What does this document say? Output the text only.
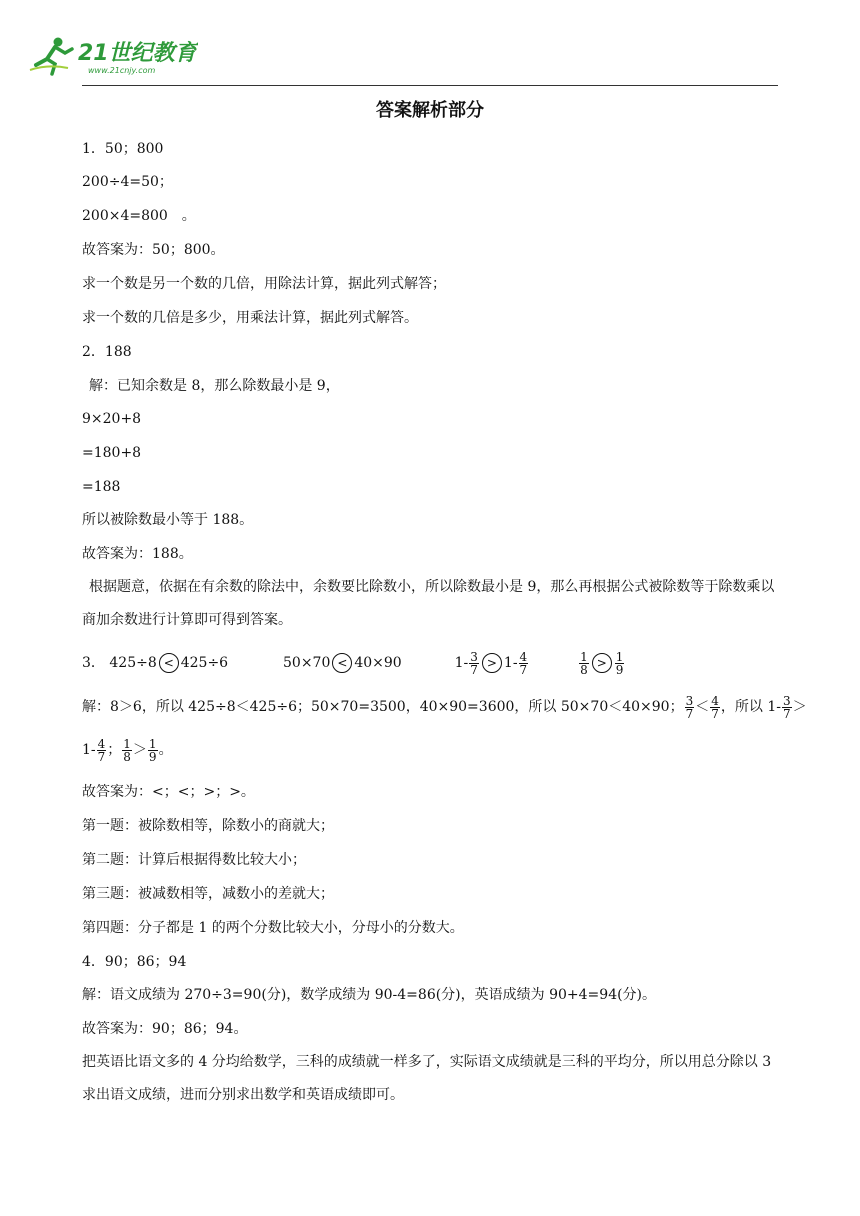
21世纪教育
www.21cnjy.com
答案解析部分
1．50；800
200÷4=50；
200×4=800　。
故答案为：50；800。
求一个数是另一个数的几倍，用除法计算，据此列式解答；
求一个数的几倍是多少，用乘法计算，据此列式解答。
2．188
解：已知余数是 8，那么除数最小是 9，
9×20+8
=180+8
=188
所以被除数最小等于 188。
故答案为：188。
根据题意，依据在有余数的除法中，余数要比除数小，所以除数最小是 9，那么再根据公式被除数等于除数乘以商加余数进行计算即可得到答案。
3． 425÷8 < 425÷6	50×70 < 40×90	$1- \frac{3}{7} > 1- \frac{4}{7}$
	$\frac{1}{8} > \frac{1}{9}$
解：8＞6，所以 425÷8＜425÷6；50×70=3500，40×90=3600，所以 50×70＜40×90； $\frac{3}{7} < \frac{4}{7}$ ，所以 $1- \frac{3}{7}$ ＞
$1- \frac{4}{7}$ ； $\frac{1}{8} > \frac{1}{9}$ 。
故答案为：<；<；>；>。
第一题：被除数相等，除数小的商就大；
第二题：计算后根据得数比较大小；
第三题：被减数相等，减数小的差就大；
第四题：分子都是 1 的两个分数比较大小，分母小的分数大。
4．90；86；94
解：语文成绩为 270÷3=90(分)，数学成绩为 90-4=86(分)，英语成绩为 90+4=94(分)。
故答案为：90；86；94。
把英语比语文多的 4 分均给数学，三科的成绩就一样多了，实际语文成绩就是三科的平均分，所以用总分除以 3 求出语文成绩，进而分别求出数学和英语成绩即可。
